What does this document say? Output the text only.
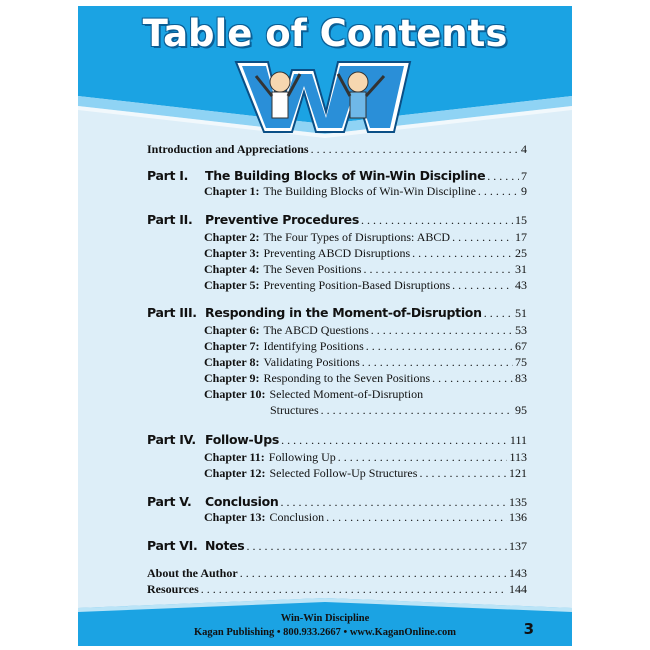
Table of Contents
Introduction and Appreciations . . .	4
Part I.	The Building Blocks of Win-Win Discipline . . .	7
Chapter 1: The Building Blocks of Win-Win Discipline . . .	9
Part II.	Preventive Procedures . . .	15
Chapter 2: The Four Types of Disruptions: ABCD . . .	17
Chapter 3: Preventing ABCD Disruptions . . .	25
Chapter 4: The Seven Positions . . .	31
Chapter 5: Preventing Position-Based Disruptions . . .	43
Part III. Responding in the Moment-of-Disruption . . .	51
Chapter 6: The ABCD Questions . . .	53
Chapter 7: Identifying Positions . . .	67
Chapter 8: Validating Positions . . .	75
Chapter 9: Responding to the Seven Positions . . .	83
Chapter 10: Selected Moment-of-Disruption
Structures . . .	95
Part IV. Follow-Ups . . .	111
Chapter 11: Following Up . . .	113
Chapter 12: Selected Follow-Up Structures . . .	121
Part V.	Conclusion . . .	135
Chapter 13: Conclusion . . .	136
Part VI. Notes . . .	137
About the Author . . .	143
Resources . . .	144
Win-Win Discipline
Kagan Publishing • 800.933.2667 • www.KaganOnline.com	3
